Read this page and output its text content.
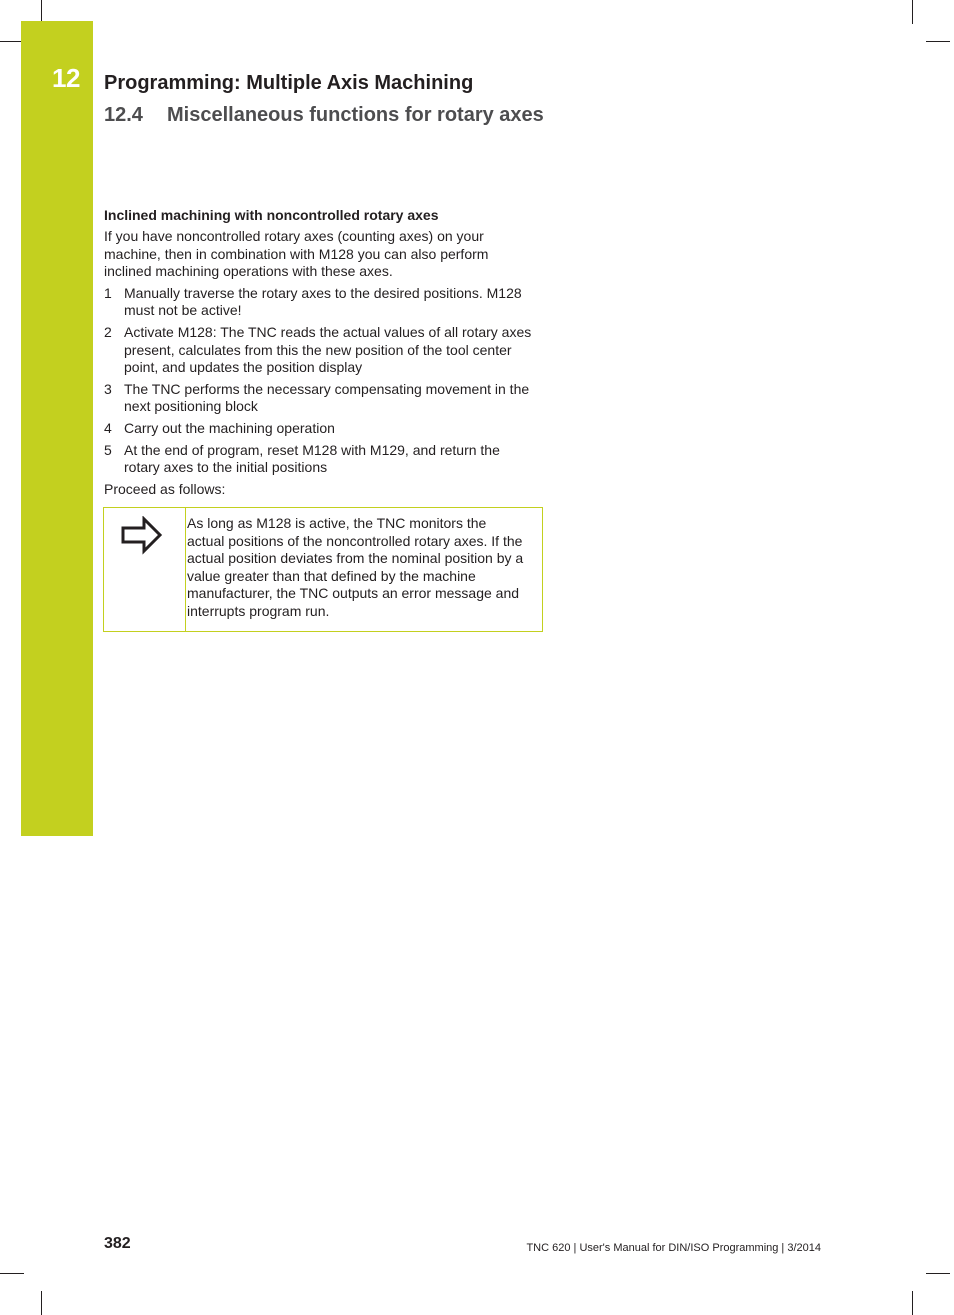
12 Programming: Multiple Axis Machining
12.4 Miscellaneous functions for rotary axes
Inclined machining with noncontrolled rotary axes

If you have noncontrolled rotary axes (counting axes) on your machine, then in combination with M128 you can also perform inclined machining operations with these axes.

1 Manually traverse the rotary axes to the desired positions. M128 must not be active!
2 Activate M128: The TNC reads the actual values of all rotary axes present, calculates from this the new position of the tool center point, and updates the position display
3 The TNC performs the necessary compensating movement in the next positioning block
4 Carry out the machining operation
5 At the end of program, reset M128 with M129, and return the rotary axes to the initial positions

Proceed as follows:

As long as M128 is active, the TNC monitors the actual positions of the noncontrolled rotary axes. If the actual position deviates from the nominal position by a value greater than that defined by the machine manufacturer, the TNC outputs an error message and interrupts program run.

382	TNC 620 | User's Manual for DIN/ISO Programming | 3/2014
